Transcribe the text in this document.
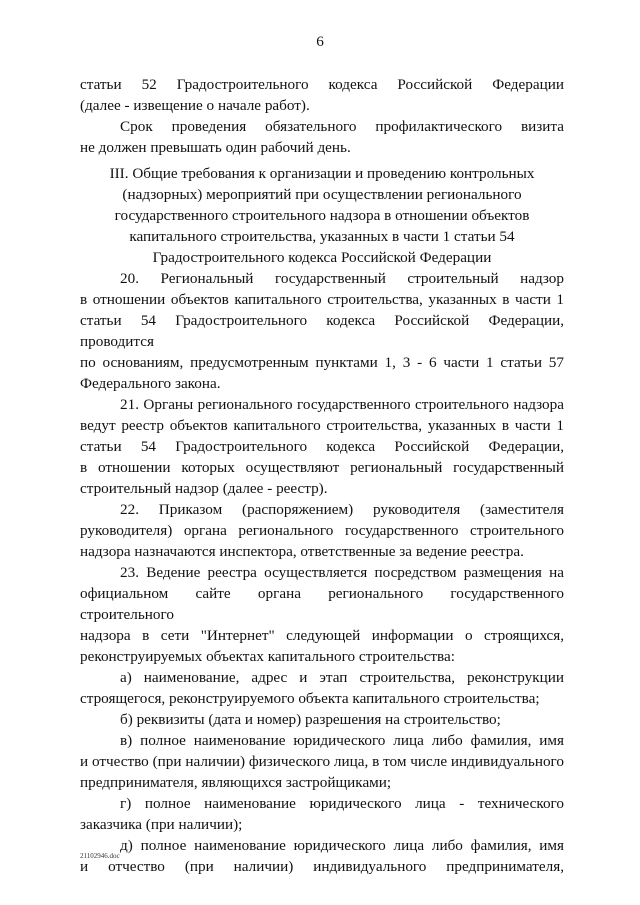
6

статьи 52 Градостроительного кодекса Российской Федерации

(далее - извещение о начале работ).

Срок проведения обязательного профилактического визита

не должен превышать один рабочий день.

III. Общие требования к организации и проведению контрольных
(надзорных) мероприятий при осуществлении регионального
государственного строительного надзора в отношении объектов
капитального строительства, указанных в части 1 статьи 54
Градостроительного кодекса Российской Федерации

20. Региональный государственный строительный надзор

в отношении объектов капитального строительства, указанных в части 1

статьи 54 Градостроительного кодекса Российской Федерации, проводится

по основаниям, предусмотренным пунктами 1, 3 - 6 части 1 статьи 57

Федерального закона.

21. Органы регионального государственного строительного надзора

ведут реестр объектов капитального строительства, указанных в части 1

статьи 54 Градостроительного кодекса Российской Федерации,

в отношении которых осуществляют региональный государственный

строительный надзор (далее - реестр).

22. Приказом (распоряжением) руководителя (заместителя

руководителя) органа регионального государственного строительного

надзора назначаются инспектора, ответственные за ведение реестра.

23. Ведение реестра осуществляется посредством размещения на

официальном сайте органа регионального государственного строительного

надзора в сети "Интернет" следующей информации о строящихся,

реконструируемых объектах капитального строительства:

а) наименование, адрес и этап строительства, реконструкции

строящегося, реконструируемого объекта капитального строительства;

б) реквизиты (дата и номер) разрешения на строительство;

в) полное наименование юридического лица либо фамилия, имя

и отчество (при наличии) физического лица, в том числе индивидуального

предпринимателя, являющихся застройщиками;

г) полное наименование юридического лица - технического

заказчика (при наличии);

д) полное наименование юридического лица либо фамилия, имя

и отчество (при наличии) индивидуального предпринимателя,

21102946.doc
